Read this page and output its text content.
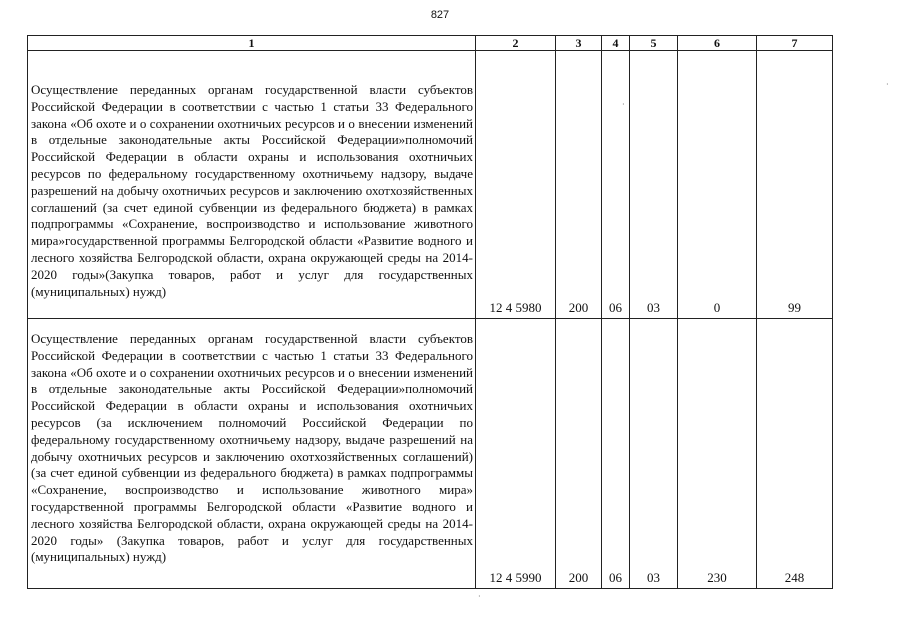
827
1	2	3	4	5	6	7

Осуществление переданных органам государственной власти субъектов Российской Федерации в соответствии с частью 1 статьи 33 Федерального закона «Об охоте и о сохранении охотничьих ресурсов и о внесении изменений в отдельные законодательные акты Российской Федерации»полномочий Российской Федерации в области охраны и использования охотничьих ресурсов по федеральному государственному охотничьему надзору, выдаче разрешений на добычу охотничьих ресурсов и заключению охотхозяйственных соглашений (за счет единой субвенции из федерального бюджета) в рамках подпрограммы «Сохранение, воспроизводство и использование животного мира»государственной программы Белгородской области «Развитие водного и лесного хозяйства Белгородской области, охрана окружающей среды на 2014-2020 годы»(Закупка товаров, работ и услуг для государственных (муниципальных) нужд)	12 4 5980	200	06	03	0	99

Осуществление переданных органам государственной власти субъектов Российской Федерации в соответствии с частью 1 статьи 33 Федерального закона «Об охоте и о сохранении охотничьих ресурсов и о внесении изменений в отдельные законодательные акты Российской Федерации»полномочий Российской Федерации в области охраны и использования охотничьих ресурсов (за исключением полномочий Российской Федерации по федеральному государственному охотничьему надзору, выдаче разрешений на добычу охотничьих ресурсов и заключению охотхозяйственных соглашений) (за счет единой субвенции из федерального бюджета) в рамках подпрограммы «Сохранение, воспроизводство и использование животного мира» государственной программы Белгородской области «Развитие водного и лесного хозяйства Белгородской области, охрана окружающей среды на 2014-2020 годы» (Закупка товаров, работ и услуг для государственных (муниципальных) нужд)	12 4 5990	200	06	03	230	248
·
·
·
